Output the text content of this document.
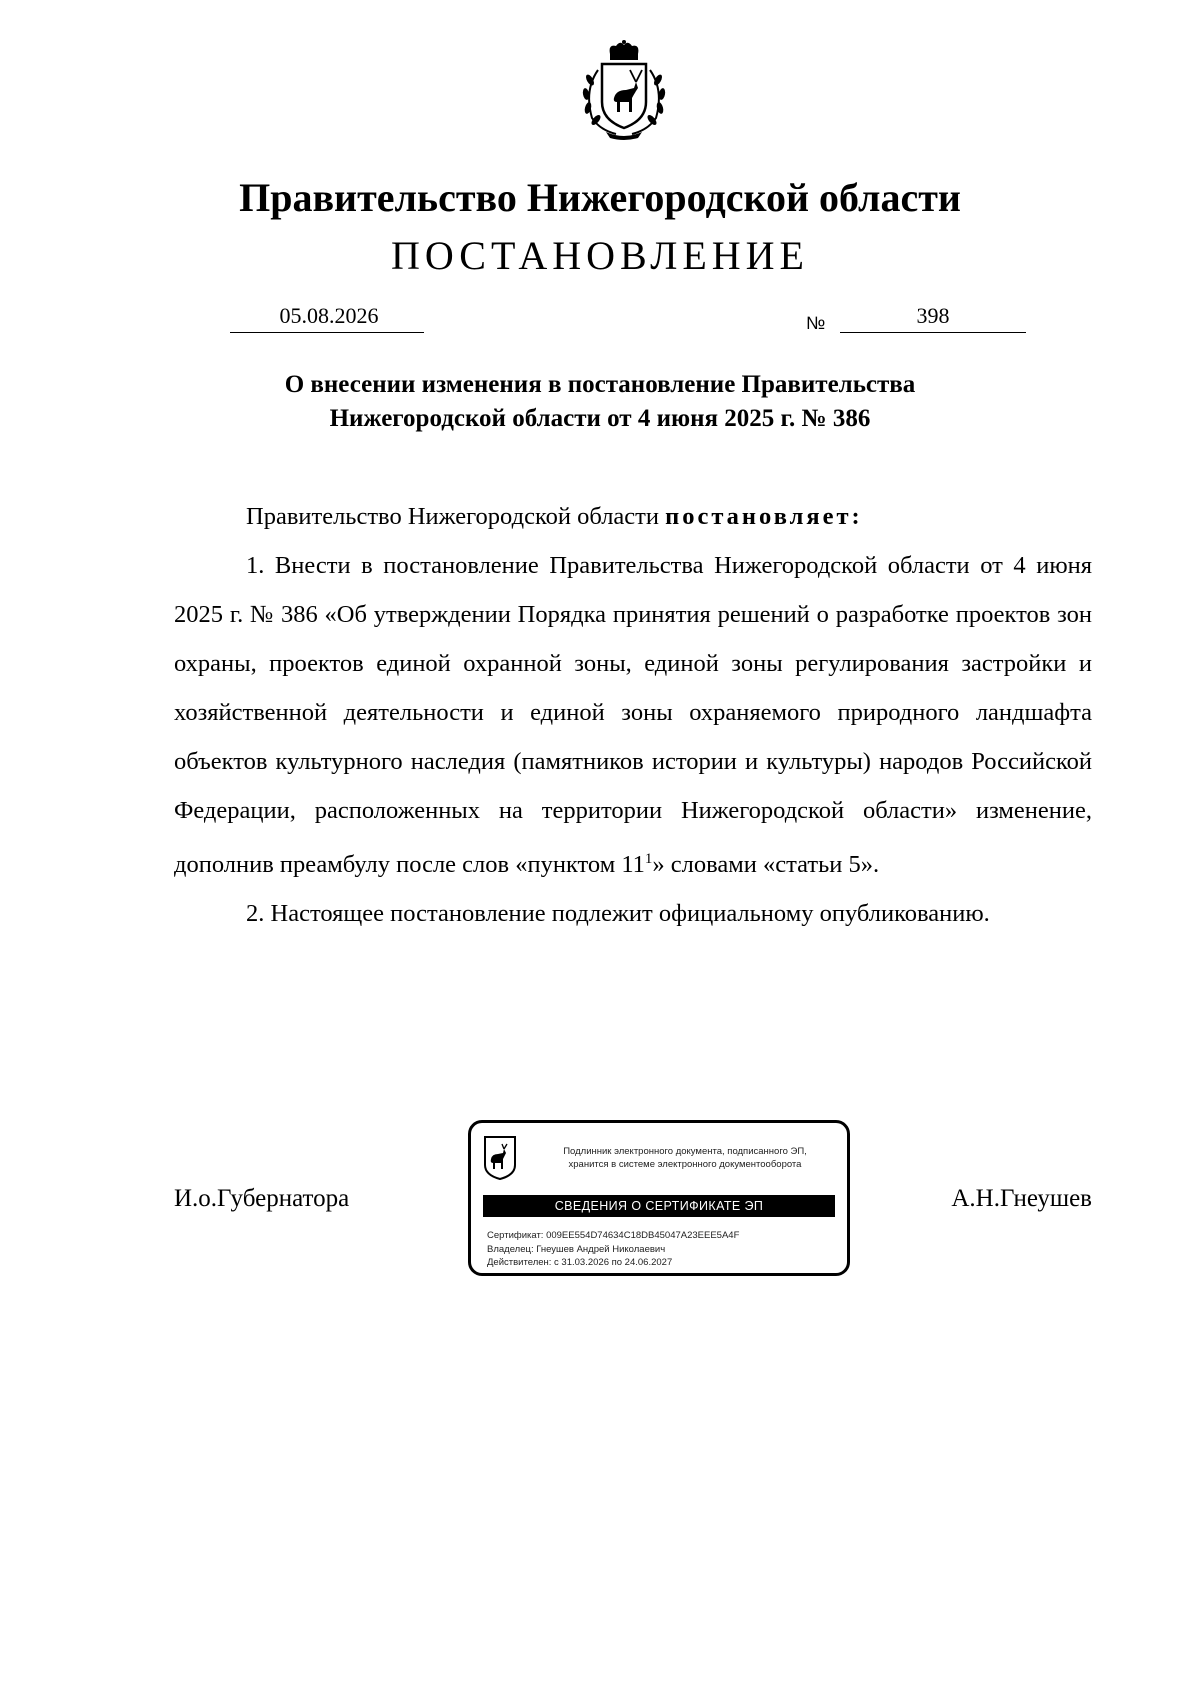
Правительство Нижегородской области
ПОСТАНОВЛЕНИЕ
05.08.2026	№	398
О внесении изменения в постановление Правительства
Нижегородской области от 4 июня 2025 г. № 386

Правительство Нижегородской области постановляет:

1. Внести в постановление Правительства Нижегородской области от 4 июня 2025 г. № 386 «Об утверждении Порядка принятия решений о разработке проектов зон охраны, проектов единой охранной зоны, единой зоны регулирования застройки и хозяйственной деятельности и единой зоны охраняемого природного ландшафта объектов культурного наследия (памятников истории и культуры) народов Российской Федерации, расположенных на территории Нижегородской области» изменение, дополнив преамбулу после слов «пунктом $11^1$» словами «статьи 5».

2. Настоящее постановление подлежит официальному опубликованию.

И.о.Губернатора	А.Н.Гнеушев
Подлинник электронного документа, подписанного ЭП,
хранится в системе электронного документооборота
СВЕДЕНИЯ О СЕРТИФИКАТЕ ЭП
Сертификат: 009EE554D74634C18DB45047A23EEE5A4F
Владелец: Гнеушев Андрей Николаевич
Действителен: с 31.03.2026 по 24.06.2027
